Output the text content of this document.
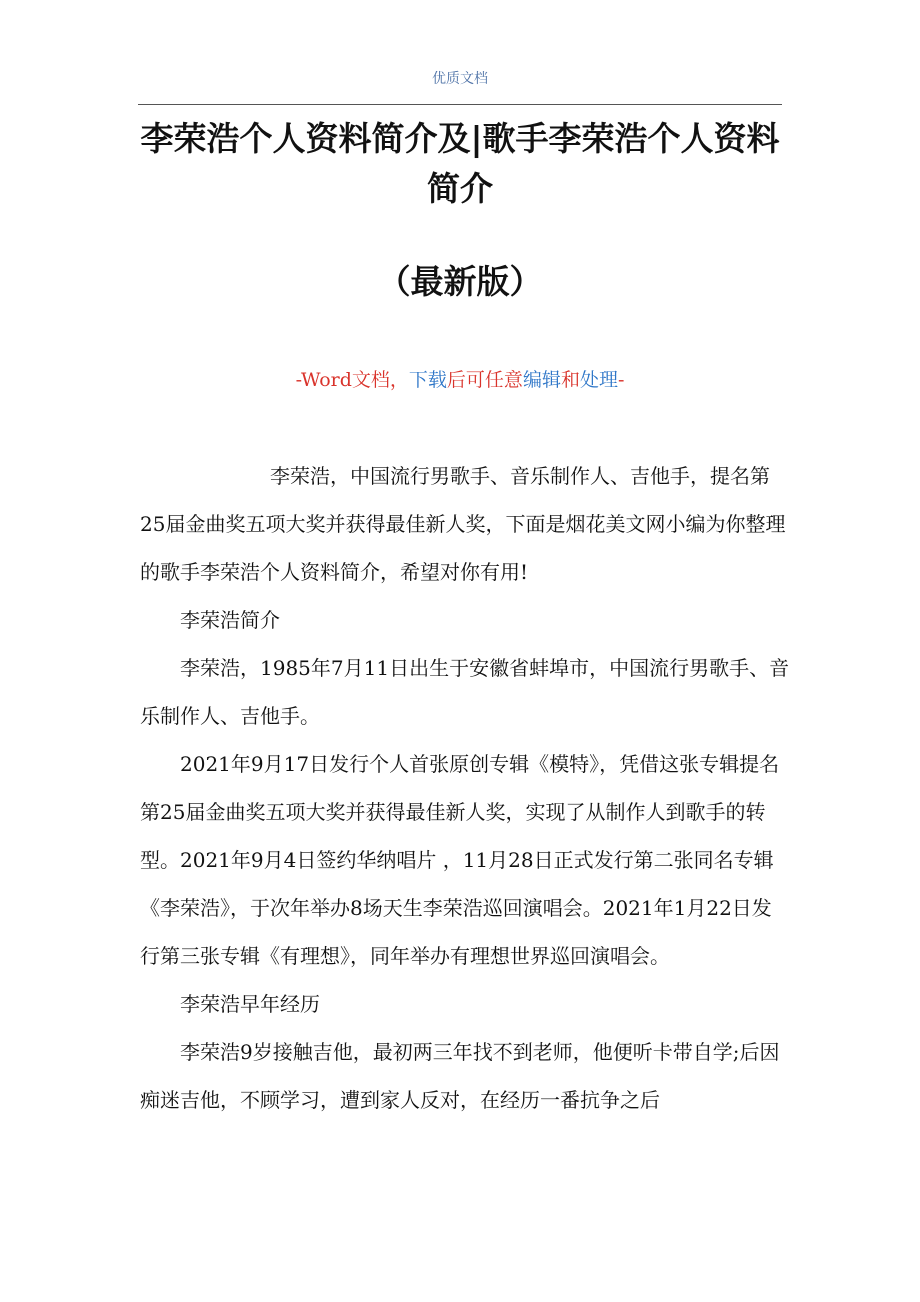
优质文档
李荣浩个人资料简介及|歌手李荣浩个人资料简介
（最新版）
-Word文档，下载后可任意编辑和处理-

李荣浩，中国流行男歌手、音乐制作人、吉他手，提名第25届金曲奖五项大奖并获得最佳新人奖，下面是烟花美文网小编为你整理的歌手李荣浩个人资料简介，希望对你有用!

李荣浩简介

李荣浩，1985年7月11日出生于安徽省蚌埠市，中国流行男歌手、音乐制作人、吉他手。

2021年9月17日发行个人首张原创专辑《模特》，凭借这张专辑提名第25届金曲奖五项大奖并获得最佳新人奖，实现了从制作人到歌手的转型。2021年9月4日签约华纳唱片 ，11月28日正式发行第二张同名专辑《李荣浩》，于次年举办8场天生李荣浩巡回演唱会。2021年1月22日发行第三张专辑《有理想》，同年举办有理想世界巡回演唱会。

李荣浩早年经历

李荣浩9岁接触吉他，最初两三年找不到老师，他便听卡带自学;后因痴迷吉他，不顾学习，遭到家人反对，在经历一番抗争之后
